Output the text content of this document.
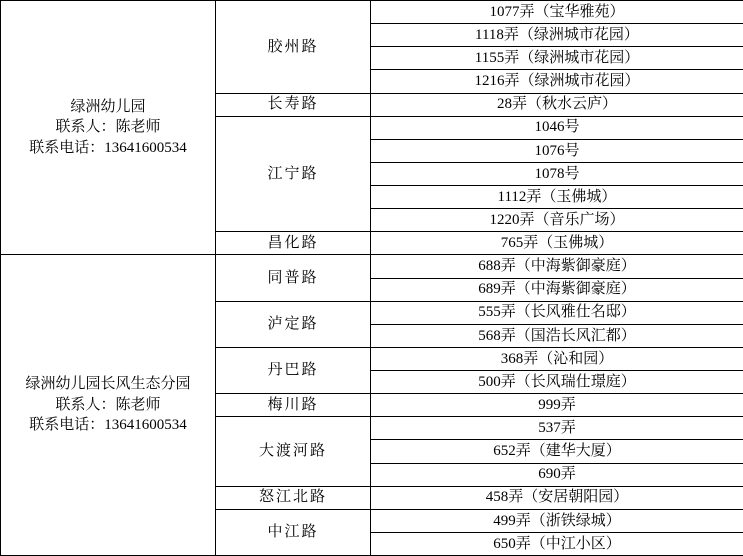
绿洲幼儿园
联系人：陈老师
联系电话：13641600534	胶州路	1077弄（宝华雅苑）
		1118弄（绿洲城市花园）
		1155弄（绿洲城市花园）
		1216弄（绿洲城市花园）
	长寿路	28弄（秋水云庐）
	江宁路	1046号
		1076号
		1078号
		1112弄（玉佛城）
		1220弄（音乐广场）
	昌化路	765弄（玉佛城）

绿洲幼儿园长风生态分园
联系人：陈老师
联系电话：13641600534	同普路	688弄（中海紫御豪庭）
		689弄（中海紫御豪庭）
	泸定路	555弄（长风雅仕名邸）
		568弄（国浩长风汇都）
	丹巴路	368弄（沁和园）
		500弄（长风瑞仕璟庭）
	梅川路	999弄
	大渡河路	537弄
		652弄（建华大厦）
		690弄
	怒江北路	458弄（安居朝阳园）
	中江路	499弄（浙铁绿城）
		650弄（中江小区）
